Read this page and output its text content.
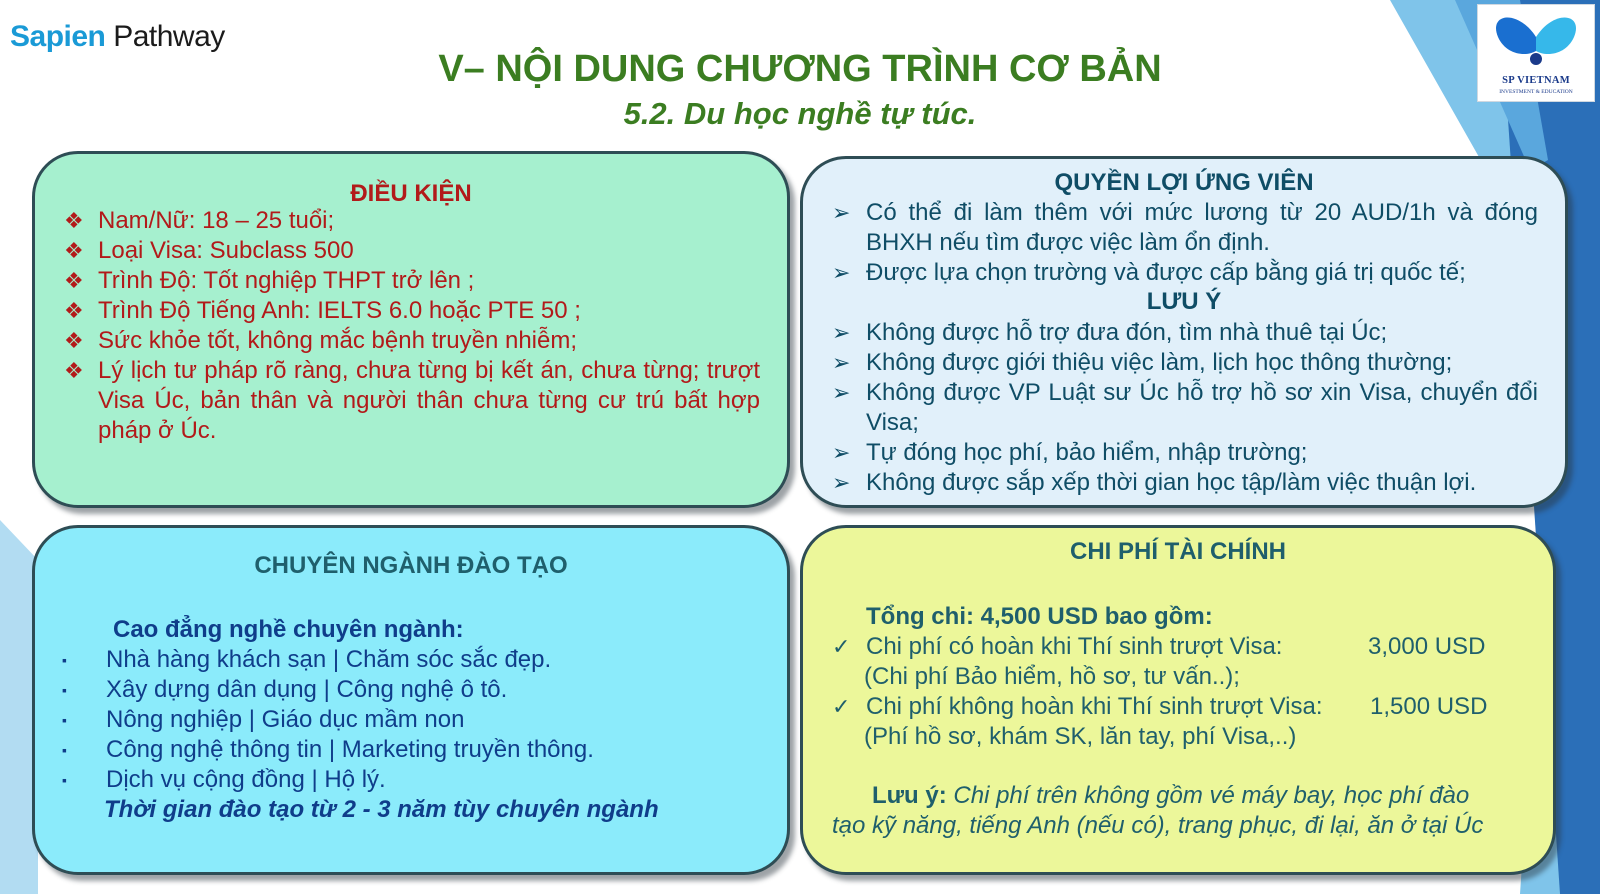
Sapien Pathway
SP VIETNAM
INVESTMENT & EDUCATION
V– NỘI DUNG CHƯƠNG TRÌNH CƠ BẢN
5.2. Du học nghề tự túc.
ĐIỀU KIỆN
❖ Nam/Nữ: 18 – 25 tuổi;
❖ Loại Visa: Subclass 500
❖ Trình Độ: Tốt nghiệp THPT trở lên ;
❖ Trình Độ Tiếng Anh: IELTS 6.0 hoặc PTE 50 ;
❖ Sức khỏe tốt, không mắc bệnh truyền nhiễm;
❖ Lý lịch tư pháp rõ ràng, chưa từng bị kết án, chưa từng; trượt Visa Úc, bản thân và người thân chưa từng cư trú bất hợp pháp ở Úc.
QUYỀN LỢI ỨNG VIÊN
➢ Có thể đi làm thêm với mức lương từ 20 AUD/1h và đóng BHXH nếu tìm được việc làm ổn định.
➢ Được lựa chọn trường và được cấp bằng giá trị quốc tế;
LƯU Ý
➢ Không được hỗ trợ đưa đón, tìm nhà thuê tại Úc;
➢ Không được giới thiệu việc làm, lịch học thông thường;
➢ Không được VP Luật sư Úc hỗ trợ hồ sơ xin Visa, chuyển đổi Visa;
➢ Tự đóng học phí, bảo hiểm, nhập trường;
➢ Không được sắp xếp thời gian học tập/làm việc thuận lợi.
CHUYÊN NGÀNH ĐÀO TẠO
Cao đẳng nghề chuyên ngành:
▪ Nhà hàng khách sạn | Chăm sóc sắc đẹp.
▪ Xây dựng dân dụng | Công nghệ ô tô.
▪ Nông nghiệp | Giáo dục mầm non
▪ Công nghệ thông tin | Marketing truyền thông.
▪ Dịch vụ cộng đồng | Hộ lý.
Thời gian đào tạo từ 2 - 3 năm tùy chuyên ngành
CHI PHÍ TÀI CHÍNH
Tổng chi: 4,500 USD bao gồm:
✓ Chi phí có hoàn khi Thí sinh trượt Visa:	3,000 USD
(Chi phí Bảo hiểm, hồ sơ, tư vấn..);
✓ Chi phí không hoàn khi Thí sinh trượt Visa: 1,500 USD
(Phí hồ sơ, khám SK, lăn tay, phí Visa,..)
Lưu ý: Chi phí trên không gồm vé máy bay, học phí đào
tạo kỹ năng, tiếng Anh (nếu có), trang phục, đi lại, ăn ở tại Úc
